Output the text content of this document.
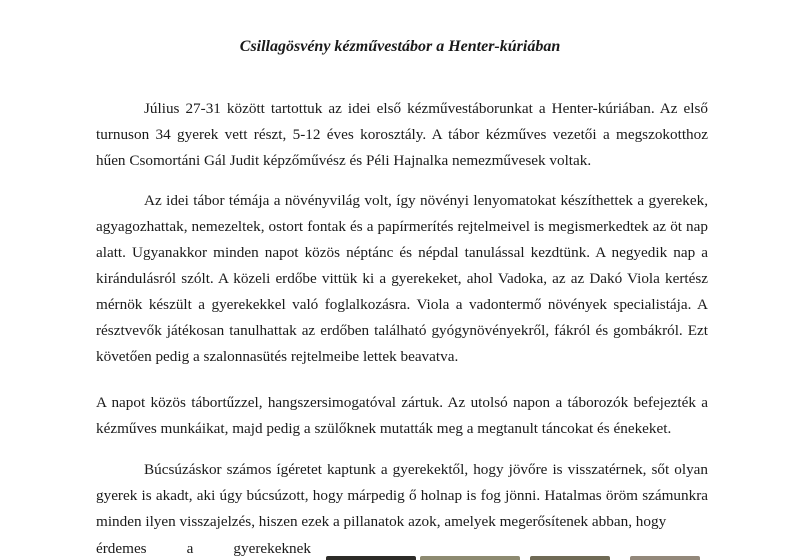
Csillagösvény kézművestábor a Henter-kúriában

Július 27-31 között tartottuk az idei első kézművestáborunkat a Henter-kúriában. Az első turnuson 34 gyerek vett részt, 5-12 éves korosztály. A tábor kézműves vezetői a megszokotthoz hűen Csomortáni Gál Judit képzőművész és Péli Hajnalka nemezművesek voltak.

Az idei tábor témája a növényvilág volt, így növényi lenyomatokat készíthettek a gyerekek, agyagozhattak, nemezeltek, ostort fontak és a papírmerítés rejtelmeivel is megismerkedtek az öt nap alatt. Ugyanakkor minden napot közös néptánc és népdal tanulással kezdtünk. A negyedik nap a kirándulásról szólt. A közeli erdőbe vittük ki a gyerekeket, ahol Vadoka, az az Dakó Viola kertész mérnök készült a gyerekekkel való foglalkozásra. Viola a vadontermő növények specialistája. A résztvevők játékosan tanulhattak az erdőben található gyógynövényekről, fákról és gombákról. Ezt követően pedig a szalonnasütés rejtelmeibe lettek beavatva.

A napot közös tábortűzzel, hangszersimogatóval zártuk. Az utolsó napon a táborozók befejezték a kézműves munkáikat, majd pedig a szülőknek mutatták meg a megtanult táncokat és énekeket.

Búcsúzáskor számos ígéretet kaptunk a gyerekektől, hogy jövőre is visszatérnek, sőt olyan gyerek is akadt, aki úgy búcsúzott, hogy márpedig ő holnap is fog jönni. Hatalmas öröm számunkra minden ilyen visszajelzés, hiszen ezek a pillanatok azok, amelyek megerősítenek abban, hogy

érdemes	a	gyerekeknek
